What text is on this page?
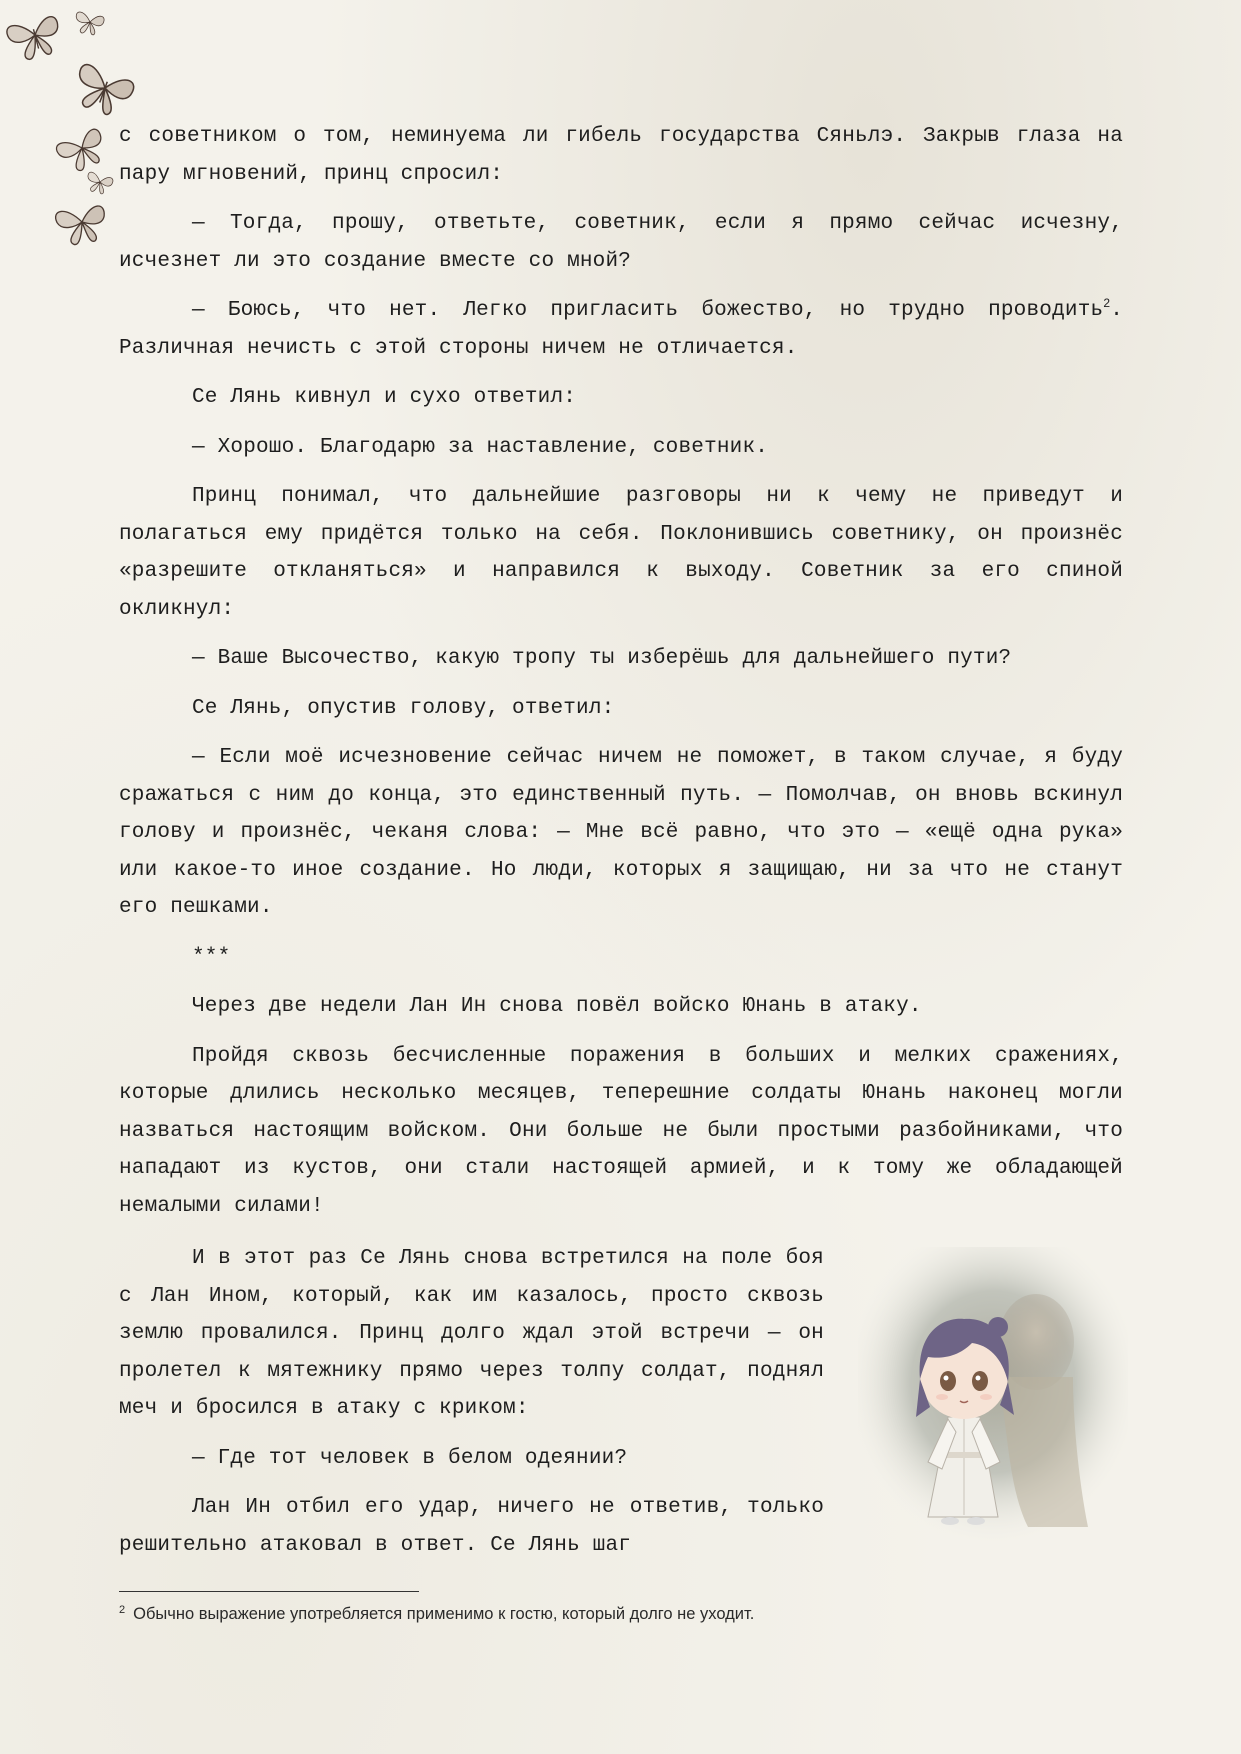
с советником о том, неминуема ли гибель государства Сяньлэ. Закрыв глаза на пару мгновений, принц спросил:

— Тогда, прошу, ответьте, советник, если я прямо сейчас исчезну, исчезнет ли это создание вместе со мной?

— Боюсь, что нет. Легко пригласить божество, но трудно проводить$^2$. Различная нечисть с этой стороны ничем не отличается.

Се Лянь кивнул и сухо ответил:

— Хорошо. Благодарю за наставление, советник.

Принц понимал, что дальнейшие разговоры ни к чему не приведут и полагаться ему придётся только на себя. Поклонившись советнику, он произнёс «разрешите откланяться» и направился к выходу. Советник за его спиной окликнул:

— Ваше Высочество, какую тропу ты изберёшь для дальнейшего пути?

Се Лянь, опустив голову, ответил:

— Если моё исчезновение сейчас ничем не поможет, в таком случае, я буду сражаться с ним до конца, это единственный путь. — Помолчав, он вновь вскинул голову и произнёс, чеканя слова: — Мне всё равно, что это — «ещё одна рука» или какое-то иное создание. Но люди, которых я защищаю, ни за что не станут его пешками.

***

Через две недели Лан Ин снова повёл войско Юнань в атаку.

Пройдя сквозь бесчисленные поражения в больших и мелких сражениях, которые длились несколько месяцев, теперешние солдаты Юнань наконец могли назваться настоящим войском. Они больше не были простыми разбойниками, что нападают из кустов, они стали настоящей армией, и к тому же обладающей немалыми силами!

И в этот раз Се Лянь снова встретился на поле боя с Лан Ином, который, как им казалось, просто сквозь землю провалился. Принц долго ждал этой встречи — он пролетел к мятежнику прямо через толпу солдат, поднял меч и бросился в атаку с криком:

— Где тот человек в белом одеянии?

Лан Ин отбил его удар, ничего не ответив, только решительно атаковал в ответ. Се Лянь шаг

$^2$ Обычно выражение употребляется применимо к гостю, который долго не уходит.
